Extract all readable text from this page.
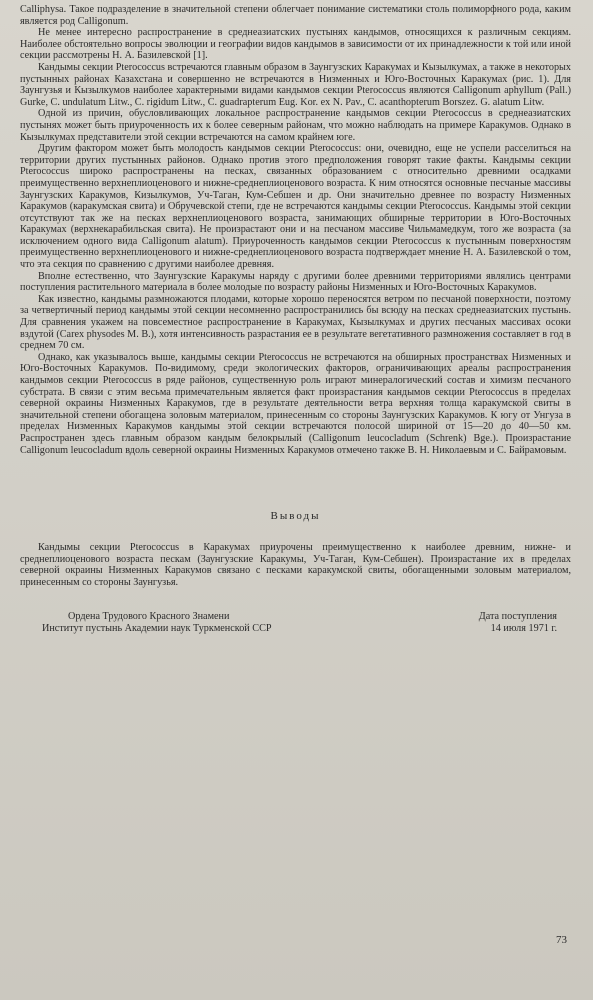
Calliphysa. Такое подразделение в значительной степени облегчает понимание систематики столь полиморфного рода, каким является род Calligonum.

Не менее интересно распространение в среднеазиатских пустынях кандымов, относящихся к различным секциям. Наиболее обстоятельно вопросы эволюции и географии видов кандымов в зависимости от их принадлежности к той или иной секции рассмотрены Н. А. Базилевской [1].

Кандымы секции Pterococcus встречаются главным образом в Заунгузских Каракумах и Кызылкумах, а также в некоторых пустынных районах Казахстана и совершенно не встречаются в Низменных и Юго-Восточных Каракумах (рис. 1). Для Заунгузья и Кызылкумов наиболее характерными видами кандымов секции Pterococcus являются Calligonum aphyllum (Pall.) Gurke, C. undulatum Litw., C. rigidum Litw., C. guadrapterum Eug. Kor. ex N. Pav., C. acanthopterum Borszez. G. alatum Litw.

Одной из причин, обусловливающих локальное распространение кандымов секции Pterococcus в среднеазиатских пустынях может быть приуроченность их к более северным районам, что можно наблюдать на примере Каракумов. Однако в Кызылкумах представители этой секции встречаются на самом крайнем юге.

Другим фактором может быть молодость кандымов секции Pterococcus: они, очевидно, еще не успели расселиться на территории других пустынных районов. Однако против этого предположения говорят такие факты. Кандымы секции Pterococcus широко распространены на песках, связанных образованием с относительно древними осадками преимущественно верхнеплиоценового и нижне-среднеплиоценового возраста. К ним относятся основные песчаные массивы Заунгузских Каракумов, Кизылкумов, Уч-Таган, Кум-Себшен и др. Они значительно древнее по возрасту Низменных Каракумов (каракумская свита) и Обручевской степи, где не встречаются кандымы секции Pterococcus. Кандымы этой секции отсутствуют так же на песках верхнеплиоценового возраста, занимающих обширные территории в Юго-Восточных Каракумах (верхнекарабильская свита). Не произрастают они и на песчаном массиве Чильмамедкум, того же возраста (за исключением одного вида Calligonum alatum). Приуроченность кандымов секции Pterococcus к пустынным поверхностям преимущественно верхнеплиоценового и нижне-среднеплиоценового возраста подтверждает мнение Н. А. Базилевской о том, что эта секция по сравнению с другими наиболее древняя.

Вполне естественно, что Заунгузские Каракумы наряду с другими более древними территориями являлись центрами поступления растительного материала в более молодые по возрасту районы Низменных и Юго-Восточных Каракумов.

Как известно, кандымы размножаются плодами, которые хорошо переносятся ветром по песчаной поверхности, поэтому за четвертичный период кандымы этой секции несомненно распространились бы всюду на песках среднеазиатских пустынь. Для сравнения укажем на повсеместное распространение в Каракумах, Кызылкумах и других песчаных массивах осоки вздутой (Carex physodes M. B.), хотя интенсивность разрастания ее в результате вегетативного размножения составляет в год в среднем 70 см.

Однако, как указывалось выше, кандымы секции Pterococcus не встречаются на обширных пространствах Низменных и Юго-Восточных Каракумов. По-видимому, среди экологических факторов, ограничивающих ареалы распространения кандымов секции Pterococcus в ряде районов, существенную роль играют минералогический состав и химизм песчаного субстрата. В связи с этим весьма примечательным является факт произрастания кандымов секции Pterococcus в пределах северной окраины Низменных Каракумов, где в результате деятельности ветра верхняя толща каракумской свиты в значительной степени обогащена золовым материалом, принесенным со стороны Заунгузских Каракумов. К югу от Унгуза в пределах Низменных Каракумов кандымы этой секции встречаются полосой шириной от 15—20 до 40—50 км. Распространен здесь главным образом кандым белокрылый (Calligonum leucocladum (Schrenk) Bge.). Произрастание Calligonum leucocladum вдоль северной окраины Низменных Каракумов отмечено также В. Н. Николаевым и С. Байрамовым.

Выводы

Кандымы секции Pterococcus в Каракумах приурочены преимущественно к наиболее древним, нижне- и среднеплиоценового возраста пескам (Заунгузские Каракумы, Уч-Таган, Кум-Себшен). Произрастание их в пределах северной окраины Низменных Каракумов связано с песками каракумской свиты, обогащенными золовым материалом, принесенным со стороны Заунгузья.

Ордена Трудового Красного Знамени
Институт пустынь Академии наук Туркменской ССР
Дата поступления
14 июля 1971 г.
73
